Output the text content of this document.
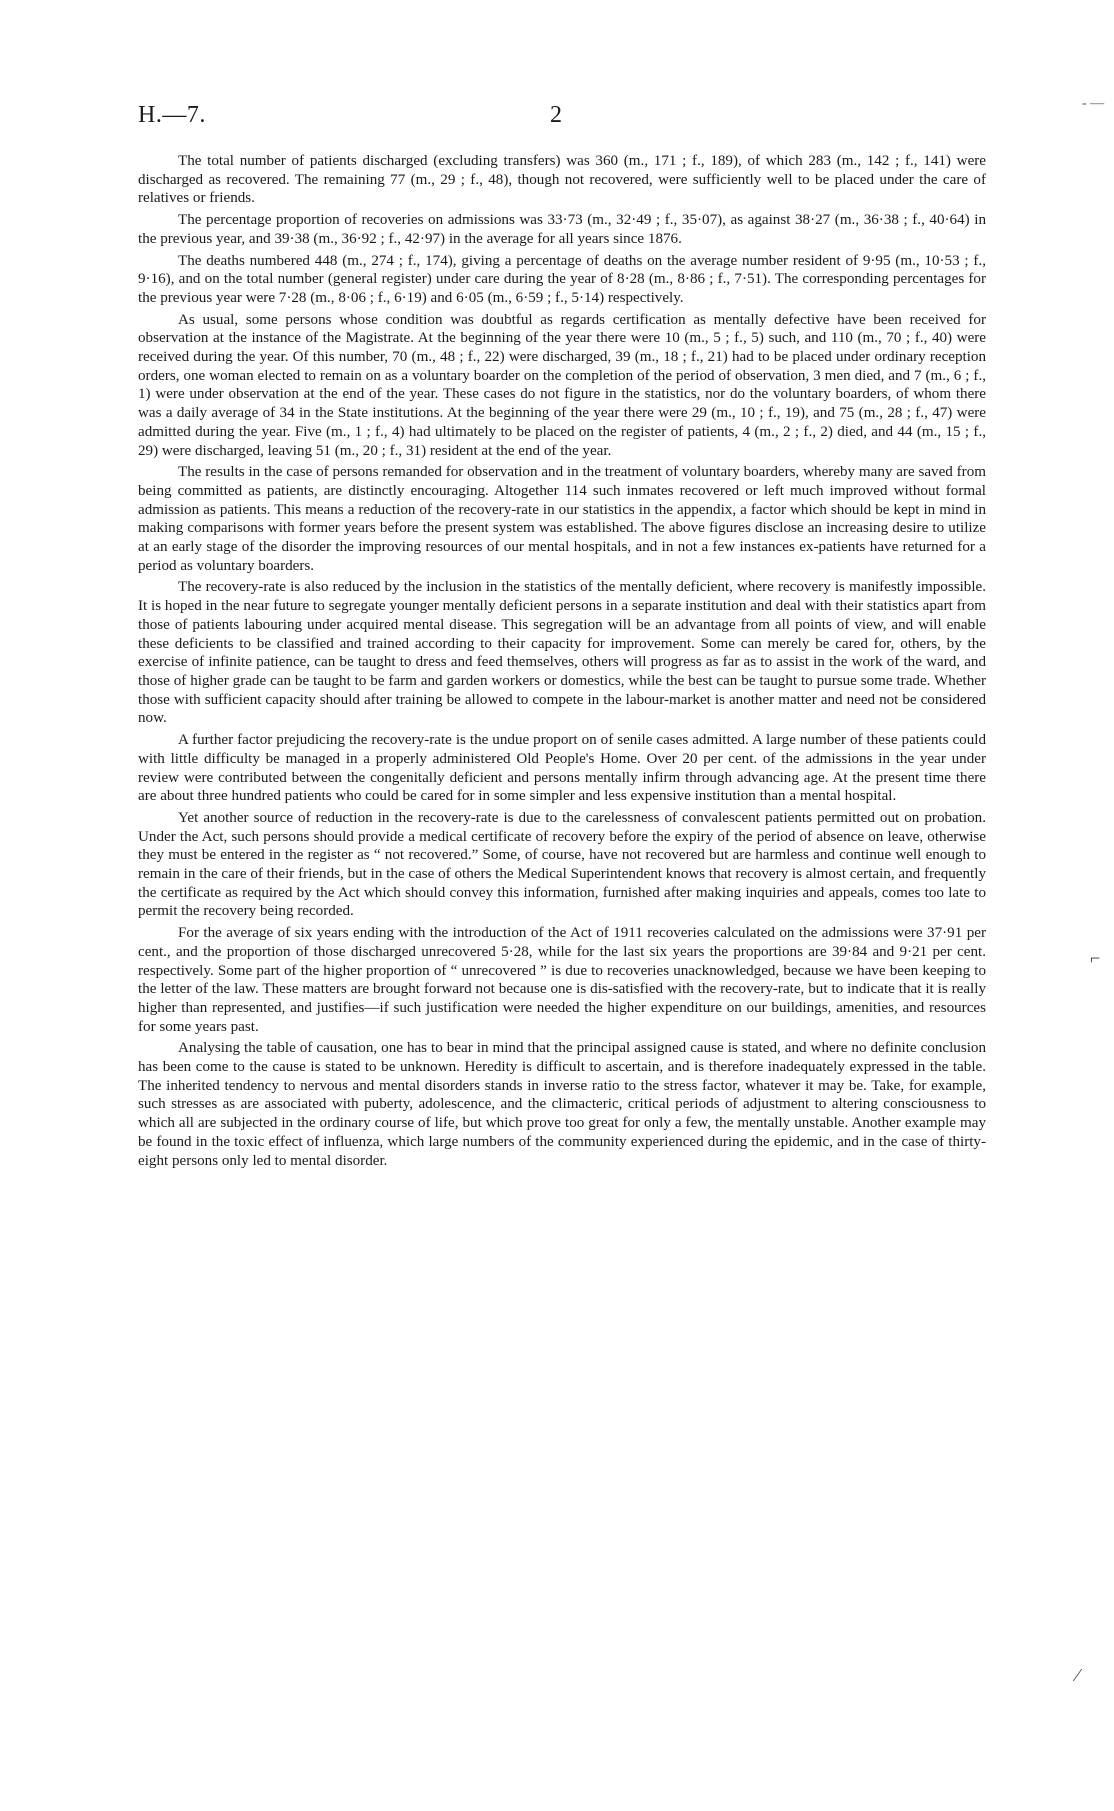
H.—7.	2	- —
⌐
⁄

The total number of patients discharged (excluding transfers) was 360 (m., 171 ; f., 189), of which 283 (m., 142 ; f., 141) were discharged as recovered. The remaining 77 (m., 29 ; f., 48), though not recovered, were sufficiently well to be placed under the care of relatives or friends.

The percentage proportion of recoveries on admissions was 33·73 (m., 32·49 ; f., 35·07), as against 38·27 (m., 36·38 ; f., 40·64) in the previous year, and 39·38 (m., 36·92 ; f., 42·97) in the average for all years since 1876.

The deaths numbered 448 (m., 274 ; f., 174), giving a percentage of deaths on the average number resident of 9·95 (m., 10·53 ; f., 9·16), and on the total number (general register) under care during the year of 8·28 (m., 8·86 ; f., 7·51). The corresponding percentages for the previous year were 7·28 (m., 8·06 ; f., 6·19) and 6·05 (m., 6·59 ; f., 5·14) respectively.

As usual, some persons whose condition was doubtful as regards certification as mentally defective have been received for observation at the instance of the Magistrate. At the beginning of the year there were 10 (m., 5 ; f., 5) such, and 110 (m., 70 ; f., 40) were received during the year. Of this number, 70 (m., 48 ; f., 22) were discharged, 39 (m., 18 ; f., 21) had to be placed under ordinary reception orders, one woman elected to remain on as a voluntary boarder on the completion of the period of observation, 3 men died, and 7 (m., 6 ; f., 1) were under observation at the end of the year. These cases do not figure in the statistics, nor do the voluntary boarders, of whom there was a daily average of 34 in the State institutions. At the beginning of the year there were 29 (m., 10 ; f., 19), and 75 (m., 28 ; f., 47) were admitted during the year. Five (m., 1 ; f., 4) had ultimately to be placed on the register of patients, 4 (m., 2 ; f., 2) died, and 44 (m., 15 ; f., 29) were discharged, leaving 51 (m., 20 ; f., 31) resident at the end of the year.

The results in the case of persons remanded for observation and in the treatment of voluntary boarders, whereby many are saved from being committed as patients, are distinctly encouraging. Altogether 114 such inmates recovered or left much improved without formal admission as patients. This means a reduction of the recovery-rate in our statistics in the appendix, a factor which should be kept in mind in making comparisons with former years before the present system was established. The above figures disclose an increasing desire to utilize at an early stage of the disorder the improving resources of our mental hospitals, and in not a few instances ex-patients have returned for a period as voluntary boarders.

The recovery-rate is also reduced by the inclusion in the statistics of the mentally deficient, where recovery is manifestly impossible. It is hoped in the near future to segregate younger mentally deficient persons in a separate institution and deal with their statistics apart from those of patients labouring under acquired mental disease. This segregation will be an advantage from all points of view, and will enable these deficients to be classified and trained according to their capacity for improvement. Some can merely be cared for, others, by the exercise of infinite patience, can be taught to dress and feed themselves, others will progress as far as to assist in the work of the ward, and those of higher grade can be taught to be farm and garden workers or domestics, while the best can be taught to pursue some trade. Whether those with sufficient capacity should after training be allowed to compete in the labour-market is another matter and need not be considered now.

A further factor prejudicing the recovery-rate is the undue proport on of senile cases admitted. A large number of these patients could with little difficulty be managed in a properly administered Old People's Home. Over 20 per cent. of the admissions in the year under review were contributed between the congenitally deficient and persons mentally infirm through advancing age. At the present time there are about three hundred patients who could be cared for in some simpler and less expensive institution than a mental hospital.

Yet another source of reduction in the recovery-rate is due to the carelessness of convalescent patients permitted out on probation. Under the Act, such persons should provide a medical certificate of recovery before the expiry of the period of absence on leave, otherwise they must be entered in the register as “ not recovered.” Some, of course, have not recovered but are harmless and continue well enough to remain in the care of their friends, but in the case of others the Medical Superintendent knows that recovery is almost certain, and frequently the certificate as required by the Act which should convey this information, furnished after making inquiries and appeals, comes too late to permit the recovery being recorded.

For the average of six years ending with the introduction of the Act of 1911 recoveries calculated on the admissions were 37·91 per cent., and the proportion of those discharged unrecovered 5·28, while for the last six years the proportions are 39·84 and 9·21 per cent. respectively. Some part of the higher proportion of “ unrecovered ” is due to recoveries unacknowledged, because we have been keeping to the letter of the law. These matters are brought forward not because one is dis-satisfied with the recovery-rate, but to indicate that it is really higher than represented, and justifies—if such justification were needed the higher expenditure on our buildings, amenities, and resources for some years past.

Analysing the table of causation, one has to bear in mind that the principal assigned cause is stated, and where no definite conclusion has been come to the cause is stated to be unknown. Heredity is difficult to ascertain, and is therefore inadequately expressed in the table. The inherited tendency to nervous and mental disorders stands in inverse ratio to the stress factor, whatever it may be. Take, for example, such stresses as are associated with puberty, adolescence, and the climacteric, critical periods of adjustment to altering consciousness to which all are subjected in the ordinary course of life, but which prove too great for only a few, the mentally unstable. Another example may be found in the toxic effect of influenza, which large numbers of the community experienced during the epidemic, and in the case of thirty-eight persons only led to mental disorder.
